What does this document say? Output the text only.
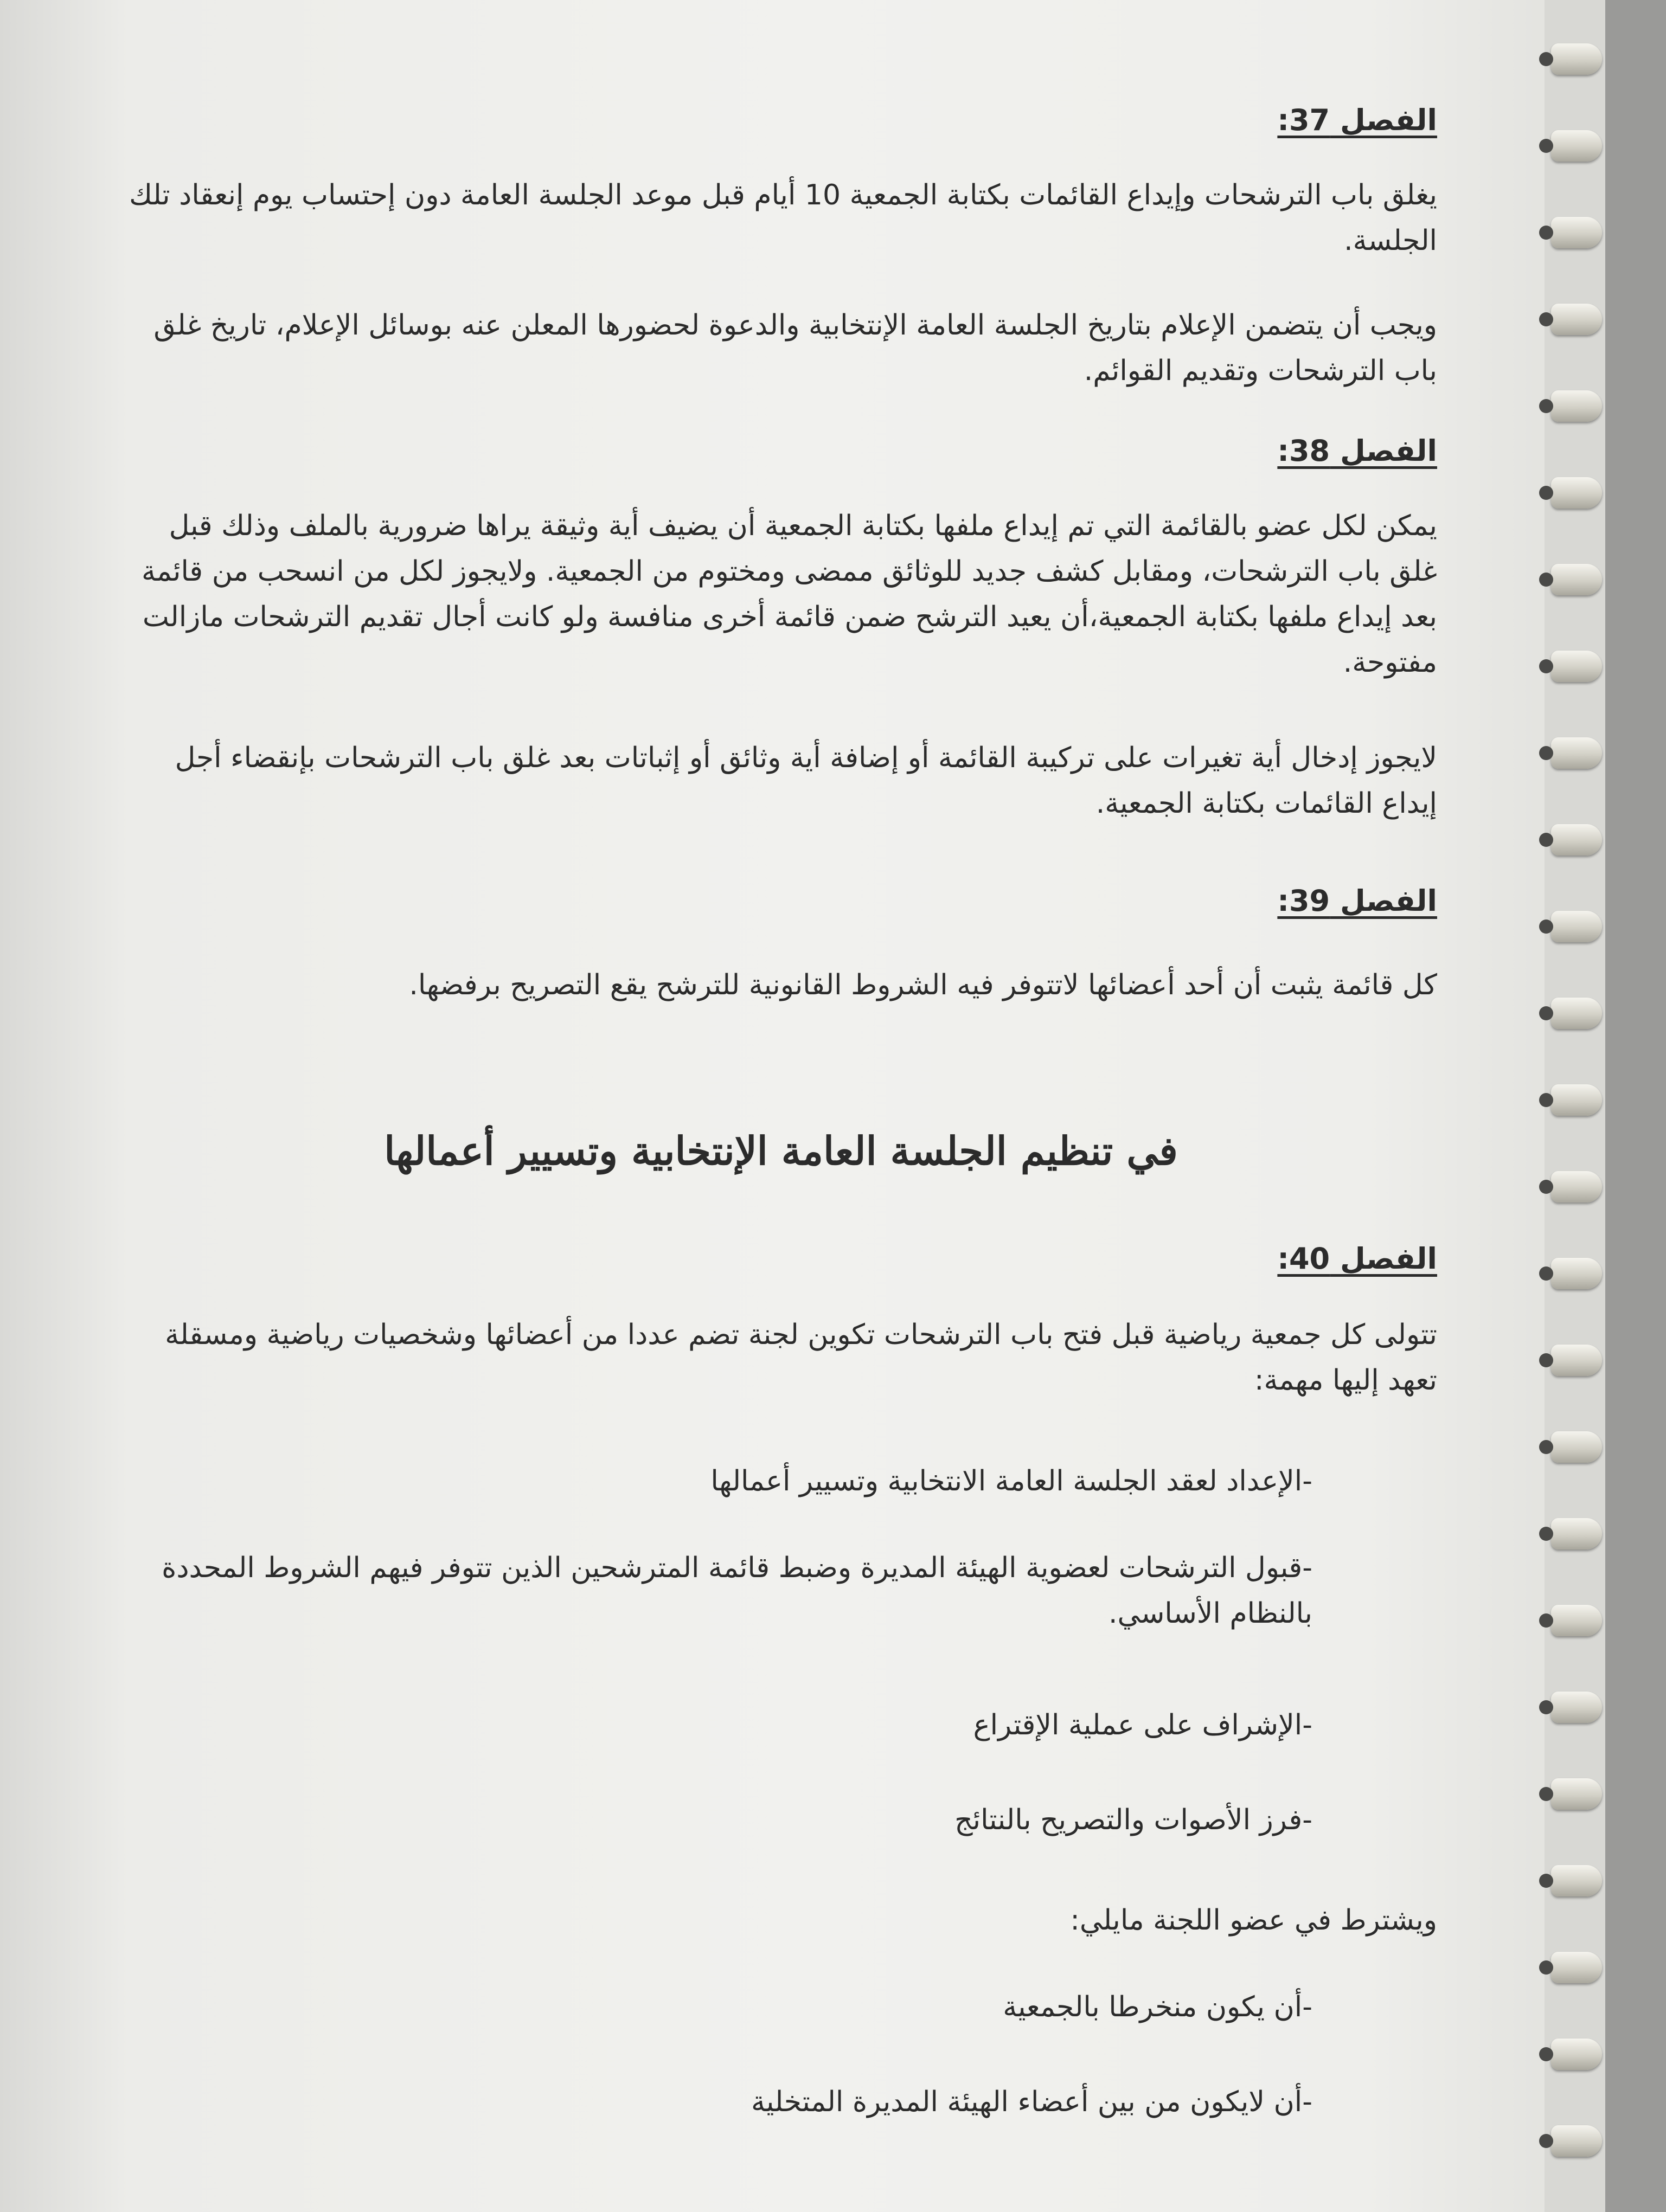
الفصل 37:
يغلق باب الترشحات وإيداع القائمات بكتابة الجمعية 10 أيام قبل موعد الجلسة العامة دون إحتساب يوم إنعقاد تلك الجلسة.
ويجب أن يتضمن الإعلام بتاريخ الجلسة العامة الإنتخابية والدعوة لحضورها المعلن عنه بوسائل الإعلام، تاريخ غلق باب الترشحات وتقديم القوائم.
الفصل 38:
يمكن لكل عضو بالقائمة التي تم إيداع ملفها بكتابة الجمعية أن يضيف أية وثيقة يراها ضرورية بالملف وذلك قبل غلق باب الترشحات، ومقابل كشف جديد للوثائق ممضى ومختوم من الجمعية. ولايجوز لكل من انسحب من قائمة بعد إيداع ملفها بكتابة الجمعية،أن يعيد الترشح ضمن قائمة أخرى منافسة ولو كانت أجال تقديم الترشحات مازالت مفتوحة.
لايجوز إدخال أية تغيرات على تركيبة القائمة أو إضافة أية وثائق أو إثباتات بعد غلق باب الترشحات بإنقضاء أجل إيداع القائمات بكتابة الجمعية.
الفصل 39:
كل قائمة يثبت أن أحد أعضائها لاتتوفر فيه الشروط القانونية للترشح يقع التصريح برفضها.
في تنظيم الجلسة العامة الإنتخابية وتسيير أعمالها
الفصل 40:
تتولى كل جمعية رياضية قبل فتح باب الترشحات تكوين لجنة تضم عددا من أعضائها وشخصيات رياضية ومسقلة تعهد إليها مهمة:
-الإعداد لعقد الجلسة العامة الانتخابية وتسيير أعمالها
-قبول الترشحات لعضوية الهيئة المديرة وضبط قائمة المترشحين الذين تتوفر فيهم الشروط المحددة بالنظام الأساسي.
-الإشراف على عملية الإقتراع
-فرز الأصوات والتصريح بالنتائج
ويشترط في عضو اللجنة مايلي:
-أن يكون منخرطا بالجمعية
-أن لايكون من بين أعضاء الهيئة المديرة المتخلية
